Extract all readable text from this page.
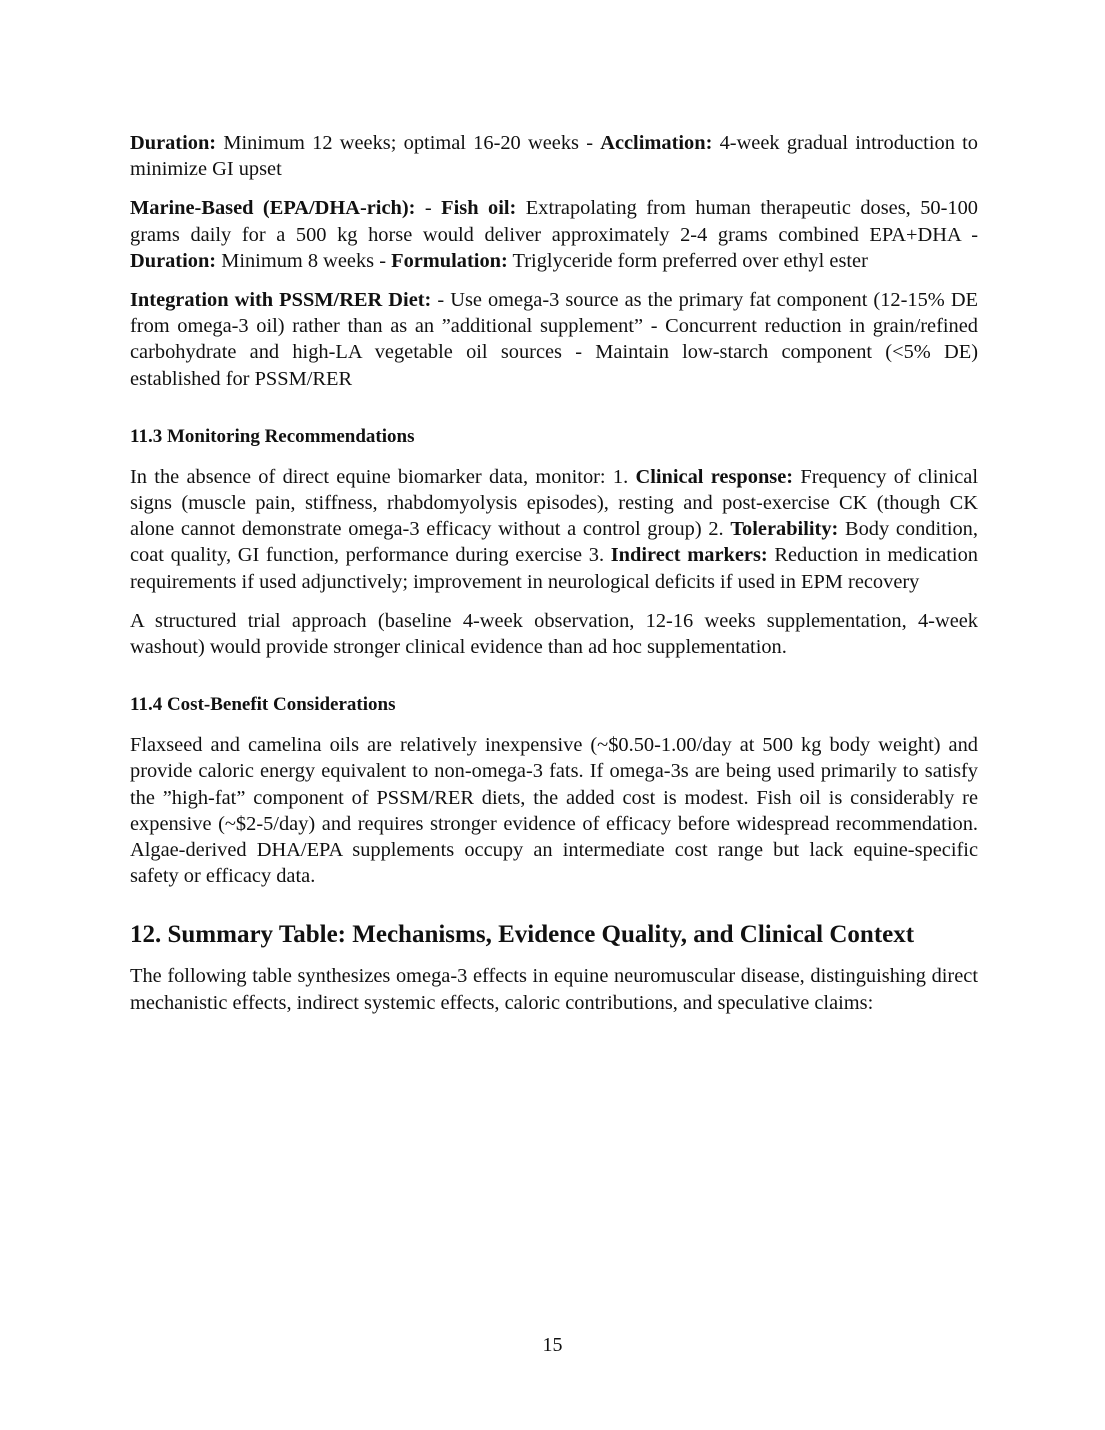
Duration: Minimum 12 weeks; optimal 16-20 weeks - Acclimation: 4-week gradual introduction to minimize GI upset

Marine-Based (EPA/DHA-rich): - Fish oil: Extrapolating from human therapeutic doses, 50-100 grams daily for a 500 kg horse would deliver approximately 2-4 grams combined EPA+DHA - Duration: Minimum 8 weeks - Formulation: Triglyceride form preferred over ethyl ester

Integration with PSSM/RER Diet: - Use omega-3 source as the primary fat component (12-15% DE from omega-3 oil) rather than as an ”additional supplement” - Concurrent reduction in grain/refined carbohydrate and high-LA vegetable oil sources - Maintain low-starch component (<5% DE) established for PSSM/RER

11.3 Monitoring Recommendations

In the absence of direct equine biomarker data, monitor: 1. Clinical response: Frequency of clinical signs (muscle pain, stiffness, rhabdomyolysis episodes), resting and post-exercise CK (though CK alone cannot demonstrate omega-3 efficacy without a control group) 2. Tolerability: Body condition, coat quality, GI function, performance during exercise 3. Indirect markers: Reduction in medication requirements if used adjunctively; improvement in neurological deficits if used in EPM recovery

A structured trial approach (baseline 4-week observation, 12-16 weeks supplementation, 4-week washout) would provide stronger clinical evidence than ad hoc supplementation.

11.4 Cost-Benefit Considerations

Flaxseed and camelina oils are relatively inexpensive (~$0.50-1.00/day at 500 kg body weight) and provide caloric energy equivalent to non-omega-3 fats. If omega-3s are being used primarily to satisfy the ”high-fat” component of PSSM/RER diets, the added cost is modest. Fish oil is considerably re expensive (~$2-5/day) and requires stronger evidence of efficacy before widespread recommendation. Algae-derived DHA/EPA supplements occupy an intermediate cost range but lack equine-specific safety or efficacy data.

12. Summary Table: Mechanisms, Evidence Quality, and Clinical Context

The following table synthesizes omega-3 effects in equine neuromuscular disease, distinguishing direct mechanistic effects, indirect systemic effects, caloric contributions, and speculative claims:

15
